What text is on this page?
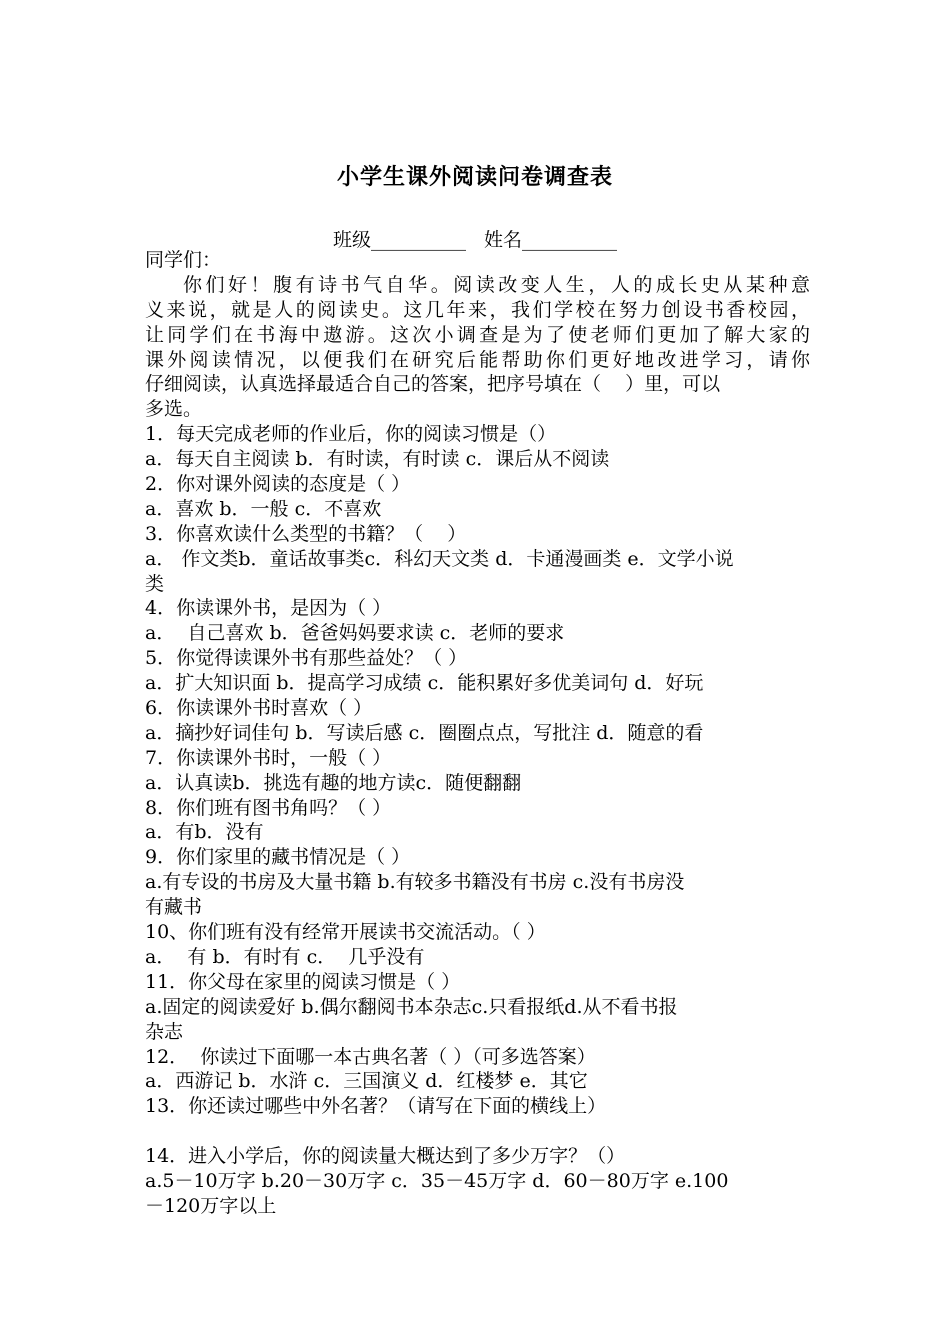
小学生课外阅读问卷调查表
班级__________   姓名__________
同学们：
你们好！腹有诗书气自华。阅读改变人生，人的成长史从某种意
义来说，就是人的阅读史。这几年来，我们学校在努力创设书香校园，
让同学们在书海中遨游。这次小调查是为了使老师们更加了解大家的
课外阅读情况，以便我们在研究后能帮助你们更好地改进学习，请你
仔细阅读，认真选择最适合自己的答案，把序号填在（    ）里，可以
多选。
1．每天完成老师的作业后，你的阅读习惯是（）
a．每天自主阅读 b．有时读，有时读 c．课后从不阅读
2．你对课外阅读的态度是（ ）
a．喜欢 b．一般 c．不喜欢
3．你喜欢读什么类型的书籍？（    ）
a． 作文类b．童话故事类c．科幻天文类 d．卡通漫画类 e．文学小说
类
4．你读课外书，是因为（ ）
a．  自己喜欢 b．爸爸妈妈要求读 c．老师的要求
5．你觉得读课外书有那些益处？（ ）
a．扩大知识面 b．提高学习成绩 c．能积累好多优美词句 d．好玩
6．你读课外书时喜欢（ ）
a．摘抄好词佳句 b．写读后感 c．圈圈点点，写批注 d．随意的看
7．你读课外书时，一般（ ）
a．认真读b．挑选有趣的地方读c．随便翻翻
8．你们班有图书角吗？（ ）
a．有b．没有
9．你们家里的藏书情况是（ ）
a.有专设的书房及大量书籍 b.有较多书籍没有书房 c.没有书房没
有藏书
10、你们班有没有经常开展读书交流活动。（ ）
a．  有 b．有时有 c．  几乎没有
11．你父母在家里的阅读习惯是（ ）
a.固定的阅读爱好 b.偶尔翻阅书本杂志c.只看报纸d.从不看书报
杂志
12．  你读过下面哪一本古典名著（ ）（可多选答案）
a．西游记 b．水浒 c．三国演义 d．红楼梦 e．其它
13．你还读过哪些中外名著？（请写在下面的横线上）
14．进入小学后，你的阅读量大概达到了多少万字？（）
a.5－10万字 b.20－30万字 c．35－45万字 d．60－80万字 e.100
－120万字以上
